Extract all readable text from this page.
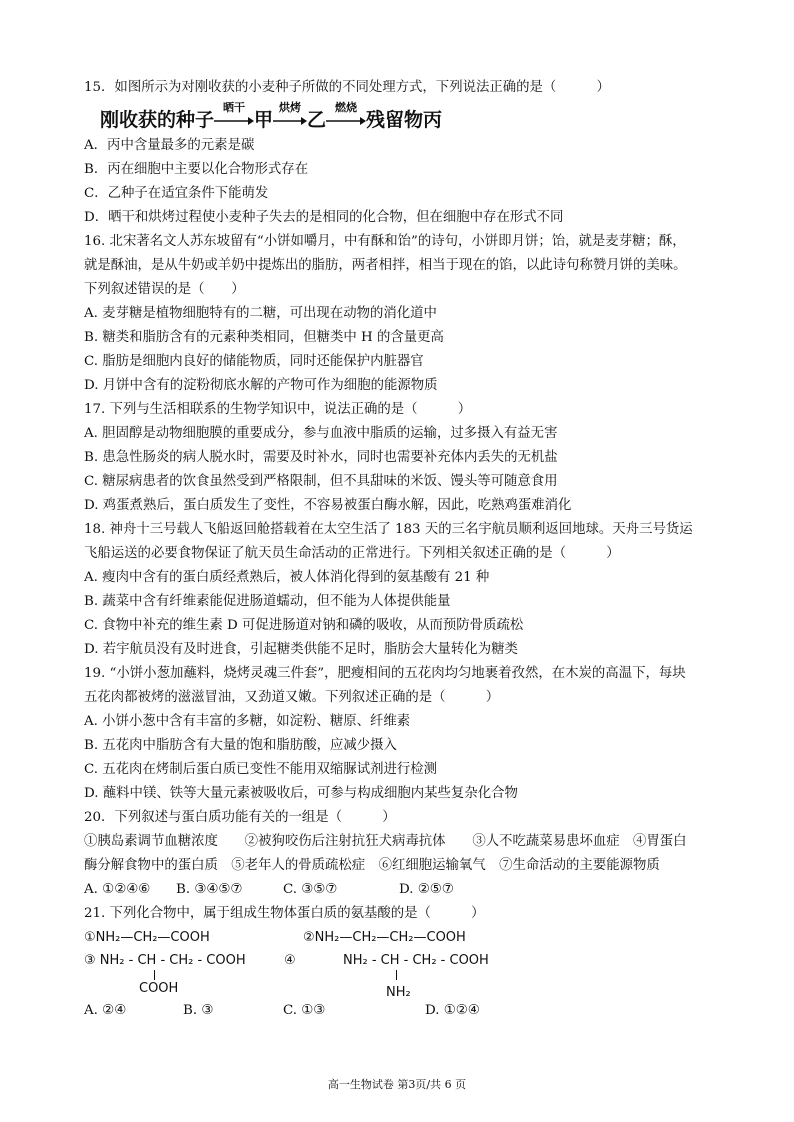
15．如图所示为对刚收获的小麦种子所做的不同处理方式，下列说法正确的是（　　　）
刚收获的种子
晒干
甲
烘烤
乙
燃烧
残留物丙
A．丙中含量最多的元素是碳
B．丙在细胞中主要以化合物形式存在
C．乙种子在适宜条件下能萌发
D．晒干和烘烤过程使小麦种子失去的是相同的化合物，但在细胞中存在形式不同
16. 北宋著名文人苏东坡留有“小饼如嚼月，中有酥和饴”的诗句，小饼即月饼；饴，就是麦芽糖；酥，
就是酥油，是从牛奶或羊奶中提炼出的脂肪，两者相拌，相当于现在的馅，以此诗句称赞月饼的美味。
下列叙述错误的是（　　）
A. 麦芽糖是植物细胞特有的二糖，可出现在动物的消化道中
B. 糖类和脂肪含有的元素种类相同，但糖类中 H 的含量更高
C. 脂肪是细胞内良好的储能物质，同时还能保护内脏器官
D. 月饼中含有的淀粉彻底水解的产物可作为细胞的能源物质
17. 下列与生活相联系的生物学知识中，说法正确的是（　　　）
A. 胆固醇是动物细胞膜的重要成分，参与血液中脂质的运输，过多摄入有益无害
B. 患急性肠炎的病人脱水时，需要及时补水，同时也需要补充体内丢失的无机盐
C. 糖尿病患者的饮食虽然受到严格限制，但不具甜味的米饭、馒头等可随意食用
D. 鸡蛋煮熟后，蛋白质发生了变性，不容易被蛋白酶水解，因此，吃熟鸡蛋难消化
18. 神舟十三号载人飞船返回舱搭载着在太空生活了 183 天的三名宇航员顺利返回地球。天舟三号货运
飞船运送的必要食物保证了航天员生命活动的正常进行。下列相关叙述正确的是（　　　）
A. 瘦肉中含有的蛋白质经煮熟后，被人体消化得到的氨基酸有 21 种
B. 蔬菜中含有纤维素能促进肠道蠕动，但不能为人体提供能量
C. 食物中补充的维生素 D 可促进肠道对钠和磷的吸收，从而预防骨质疏松
D. 若宇航员没有及时进食，引起糖类供能不足时，脂肪会大量转化为糖类
19. “小饼小葱加蘸料，烧烤灵魂三件套”，肥瘦相间的五花肉均匀地裹着孜然，在木炭的高温下，每块
五花肉都被烤的滋滋冒油，又劲道又嫩。下列叙述正确的是（　　　）
A. 小饼小葱中含有丰富的多糖，如淀粉、糖原、纤维素
B. 五花肉中脂肪含有大量的饱和脂肪酸，应减少摄入
C. 五花肉在烤制后蛋白质已变性不能用双缩脲试剂进行检测
D. 蘸料中镁、铁等大量元素被吸收后，可参与构成细胞内某些复杂化合物
20．下列叙述与蛋白质功能有关的一组是（　　　）
①胰岛素调节血糖浓度　　②被狗咬伤后注射抗狂犬病毒抗体　　③人不吃蔬菜易患坏血症　④胃蛋白
酶分解食物中的蛋白质　⑤老年人的骨质疏松症　⑥红细胞运输氧气　⑦生命活动的主要能源物质
A. ①②④⑥ B. ③④⑤⑦	C. ③⑤⑦	D. ②⑤⑦
21. 下列化合物中，属于组成生物体蛋白质的氨基酸的是（　　　）
①NH₂—CH₂—COOH	②NH₂—CH₂—CH₂—COOH
③ NH₂ - CH - CH₂ - COOH
COOH
④	NH₂ - CH - CH₂ - COOH
NH₂
A. ②④	B. ③	C. ①③	D. ①②④
高一生物试卷 第3页/共 6 页
